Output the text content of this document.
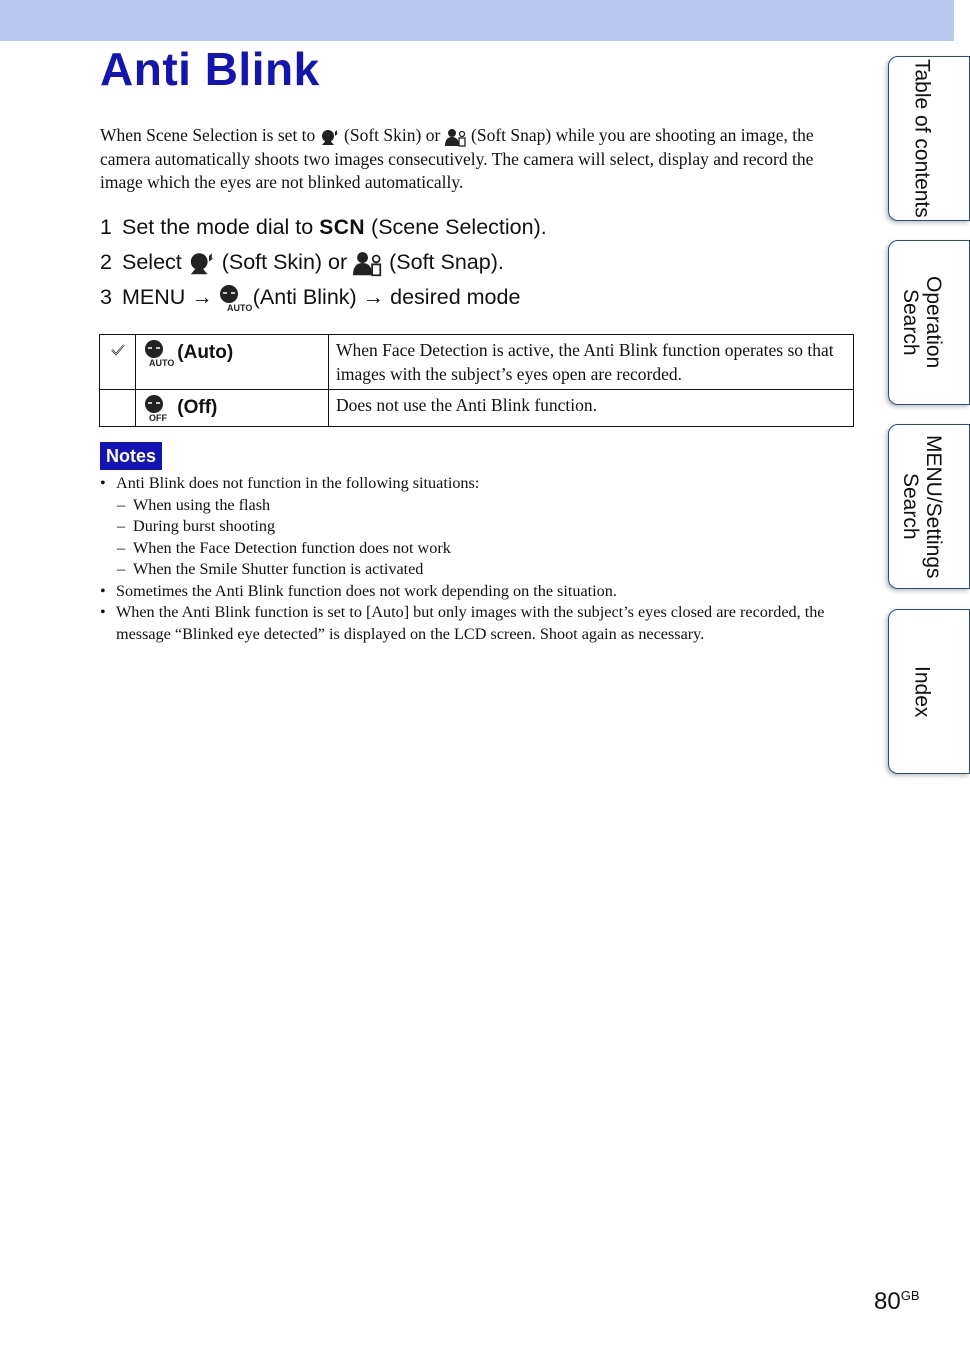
Anti Blink

When Scene Selection is set to  (Soft Skin) or  (Soft Snap) while you are shooting an image, the camera automatically shoots two images consecutively. The camera will select, display and record the image which the eyes are not blinked automatically.

1 Set the mode dial to SCN (Scene Selection).
2 Select  (Soft Skin) or  (Soft Snap).
3 MENU → AUTO
(Anti Blink) → desired mode

AUTO (Auto)	When Face Detection is active, the Anti Blink function operates so that images with the subject’s eyes open are recorded.

OFF (Off)	Does not use the Anti Blink function.
Notes
• Anti Blink does not function in the following situations:
– When using the flash
– During burst shooting
– When the Face Detection function does not work
– When the Smile Shutter function is activated
• Sometimes the Anti Blink function does not work depending on the situation.
• When the Anti Blink function is set to [Auto] but only images with the subject’s eyes closed are recorded, the message “Blinked eye detected” is displayed on the LCD screen. Shoot again as necessary.
Table of contents
Operation Search
MENU/Settings Search
Index
$80^{GB}$
